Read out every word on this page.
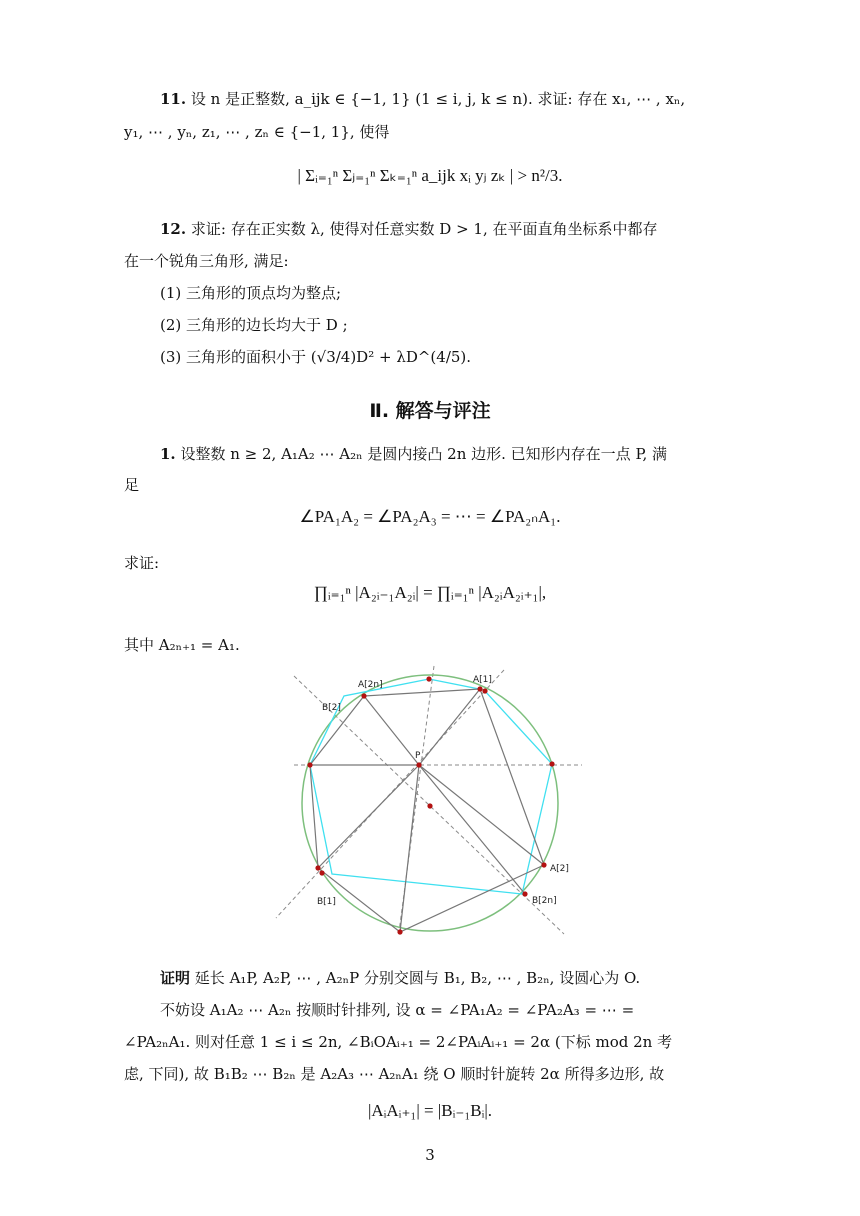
11. 设 n 是正整数, a_ijk ∈ {−1, 1} (1 ≤ i, j, k ≤ n). 求证: 存在 x₁, ⋯ , xₙ,
y₁, ⋯ , yₙ, z₁, ⋯ , zₙ ∈ {−1, 1}, 使得
| Σᵢ₌₁ⁿ Σⱼ₌₁ⁿ Σₖ₌₁ⁿ a_ijk xᵢ yⱼ zₖ | > n²/3.
12. 求证: 存在正实数 λ, 使得对任意实数 D > 1, 在平面直角坐标系中都存
在一个锐角三角形, 满足:
(1) 三角形的顶点均为整点;
(2) 三角形的边长均大于 D ;
(3) 三角形的面积小于 (√3/4)D² + λD^(4/5).
Ⅱ. 解答与评注
1. 设整数 n ≥ 2, A₁A₂ ⋯ A₂ₙ 是圆内接凸 2n 边形. 已知形内存在一点 P, 满
足
∠PA₁A₂ = ∠PA₂A₃ = ⋯ = ∠PA₂ₙA₁.
求证:
∏ᵢ₌₁ⁿ |A₂ᵢ₋₁A₂ᵢ| = ∏ᵢ₌₁ⁿ |A₂ᵢA₂ᵢ₊₁|,
其中 A₂ₙ₊₁ = A₁.
A[1]
A[2n]
B[2]
P
A[2]
B[1]	B[2n]
证明 延长 A₁P, A₂P, ⋯ , A₂ₙP 分别交圆与 B₁, B₂, ⋯ , B₂ₙ, 设圆心为 O.
不妨设 A₁A₂ ⋯ A₂ₙ 按顺时针排列, 设 α = ∠PA₁A₂ = ∠PA₂A₃ = ⋯ =
∠PA₂ₙA₁. 则对任意 1 ≤ i ≤ 2n, ∠BᵢOAᵢ₊₁ = 2∠PAᵢAᵢ₊₁ = 2α (下标 mod 2n 考
虑, 下同), 故 B₁B₂ ⋯ B₂ₙ 是 A₂A₃ ⋯ A₂ₙA₁ 绕 O 顺时针旋转 2α 所得多边形, 故
|AᵢAᵢ₊₁| = |Bᵢ₋₁Bᵢ|.
3
